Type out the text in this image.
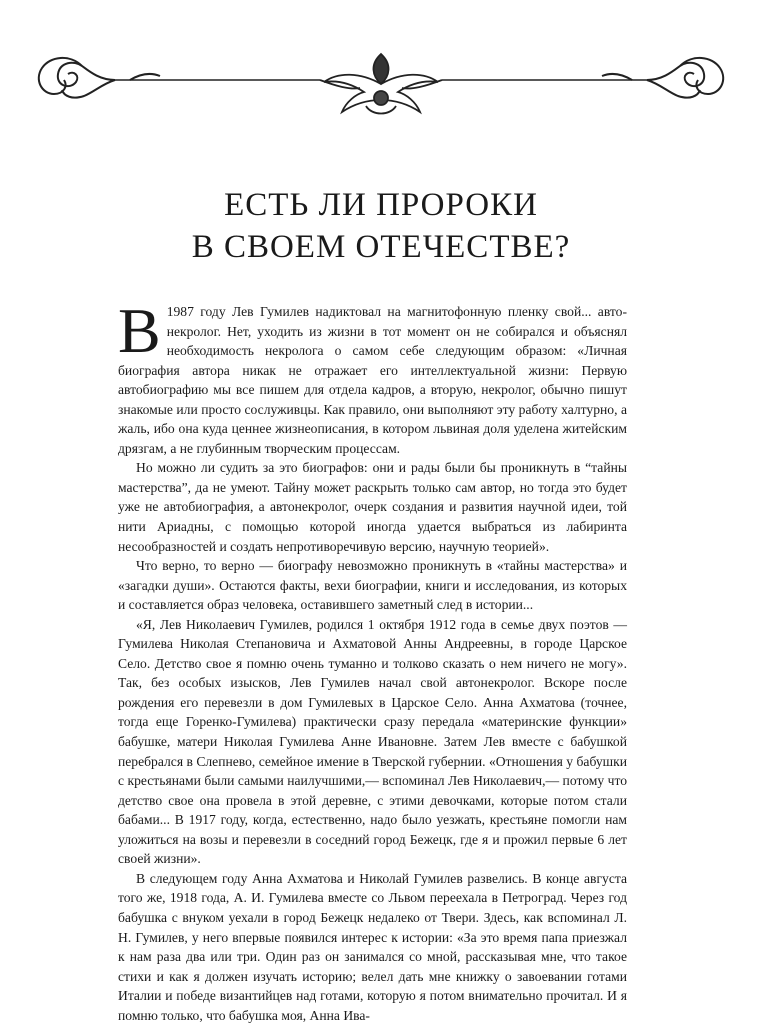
ЕСТЬ ЛИ ПРОРОКИ
В СВОЕМ ОТЕЧЕСТВЕ?

В 1987 году Лев Гумилев надиктовал на магнитофонную пленку свой... авто-некролог. Нет, уходить из жизни в тот момент он не собирался и объяснял необходимость некролога о самом себе следующим образом: «Личная биография автора никак не отражает его интеллектуальной жизни: Первую автобиографию мы все пишем для отдела кадров, а вторую, некролог, обычно пишут знакомые или просто сослуживцы. Как правило, они выполняют эту работу халтурно, а жаль, ибо она куда ценнее жизнеописания, в котором львиная доля уделена житейским дрязгам, а не глубинным творческим процессам.

Но можно ли судить за это биографов: они и рады были бы проникнуть в “тайны мастерства”, да не умеют. Тайну может раскрыть только сам автор, но тогда это будет уже не автобиография, а автонекролог, очерк создания и развития научной идеи, той нити Ариадны, с помощью которой иногда удается выбраться из лабиринта несообразностей и создать непротиворечивую версию, научную теорией».

Что верно, то верно — биографу невозможно проникнуть в «тайны мастерства» и «загадки души». Остаются факты, вехи биографии, книги и исследования, из которых и составляется образ человека, оставившего заметный след в истории...

«Я, Лев Николаевич Гумилев, родился 1 октября 1912 года в семье двух поэтов — Гумилева Николая Степановича и Ахматовой Анны Андреевны, в городе Царское Село. Детство свое я помню очень туманно и толково сказать о нем ничего не могу». Так, без особых изысков, Лев Гумилев начал свой автонекролог. Вскоре после рождения его перевезли в дом Гумилевых в Царское Село. Анна Ахматова (точнее, тогда еще Горенко-Гумилева) практически сразу передала «материнские функции» бабушке, матери Николая Гумилева Анне Ивановне. Затем Лев вместе с бабушкой перебрался в Слепнево, семейное имение в Тверской губернии. «Отношения у бабушки с крестьянами были самыми наилучшими,— вспоминал Лев Николаевич,— потому что детство свое она провела в этой деревне, с этими девочками, которые потом стали бабами... В 1917 году, когда, естественно, надо было уезжать, крестьяне помогли нам уложиться на возы и перевезли в соседний город Бежецк, где я и прожил первые 6 лет своей жизни».

В следующем году Анна Ахматова и Николай Гумилев развелись. В конце августа того же, 1918 года, А. И. Гумилева вместе со Львом переехала в Петроград. Через год бабушка с внуком уехали в город Бежецк недалеко от Твери. Здесь, как вспоминал Л. Н. Гумилев, у него впервые появился интерес к истории: «За это время папа приезжал к нам раза два или три. Один раз он занимался со мной, рассказывая мне, что такое стихи и как я должен изучать историю; велел дать мне книжку о завоевании готами Италии и победе византийцев над готами, которую я потом внимательно прочитал. И я помню только, что бабушка моя, Анна Ива-
